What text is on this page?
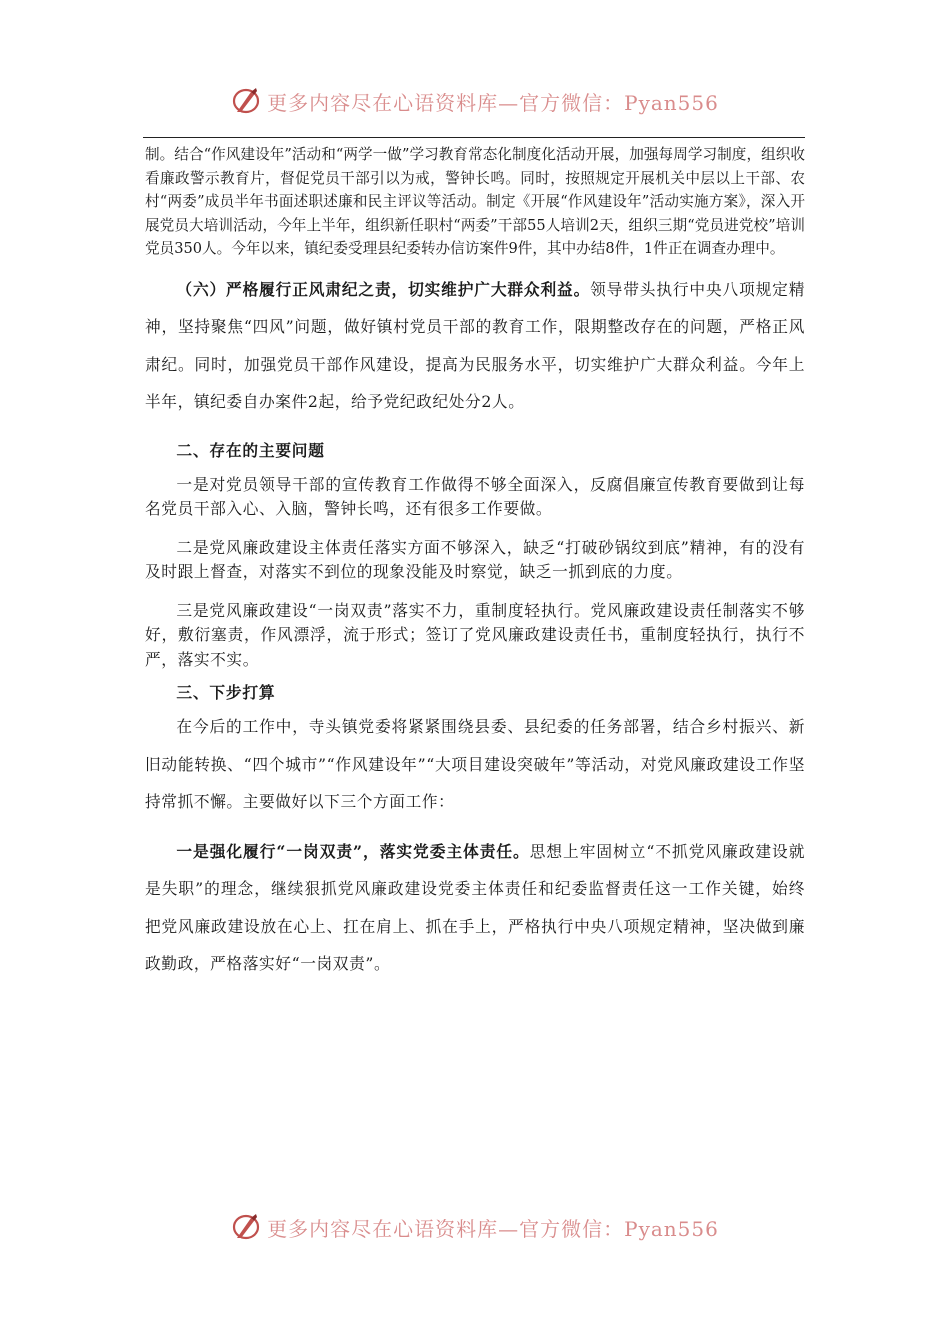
更多内容尽在心语资料库—官方微信：Pyan556

制。结合“作风建设年”活动和“两学一做”学习教育常态化制度化活动开展，加强每周学习制度，组织收看廉政警示教育片，督促党员干部引以为戒，警钟长鸣。同时，按照规定开展机关中层以上干部、农村“两委”成员半年书面述职述廉和民主评议等活动。制定《开展“作风建设年”活动实施方案》，深入开展党员大培训活动，今年上半年，组织新任职村“两委”干部55人培训2天，组织三期“党员进党校”培训党员350人。今年以来，镇纪委受理县纪委转办信访案件9件，其中办结8件，1件正在调查办理中。

（六）严格履行正风肃纪之责，切实维护广大群众利益。领导带头执行中央八项规定精神，坚持聚焦“四风”问题，做好镇村党员干部的教育工作，限期整改存在的问题，严格正风肃纪。同时，加强党员干部作风建设，提高为民服务水平，切实维护广大群众利益。今年上半年，镇纪委自办案件2起，给予党纪政纪处分2人。

二、存在的主要问题

一是对党员领导干部的宣传教育工作做得不够全面深入，反腐倡廉宣传教育要做到让每名党员干部入心、入脑，警钟长鸣，还有很多工作要做。

二是党风廉政建设主体责任落实方面不够深入，缺乏“打破砂锅纹到底”精神，有的没有及时跟上督查，对落实不到位的现象没能及时察觉，缺乏一抓到底的力度。

三是党风廉政建设“一岗双责”落实不力，重制度轻执行。党风廉政建设责任制落实不够好，敷衍塞责，作风漂浮，流于形式；签订了党风廉政建设责任书，重制度轻执行，执行不严，落实不实。

三、下步打算

在今后的工作中，寺头镇党委将紧紧围绕县委、县纪委的任务部署，结合乡村振兴、新旧动能转换、“四个城市”“作风建设年”“大项目建设突破年”等活动，对党风廉政建设工作坚持常抓不懈。主要做好以下三个方面工作：

一是强化履行“一岗双责”，落实党委主体责任。思想上牢固树立“不抓党风廉政建设就是失职”的理念，继续狠抓党风廉政建设党委主体责任和纪委监督责任这一工作关键，始终把党风廉政建设放在心上、扛在肩上、抓在手上，严格执行中央八项规定精神，坚决做到廉政勤政，严格落实好“一岗双责”。

更多内容尽在心语资料库—官方微信：Pyan556
